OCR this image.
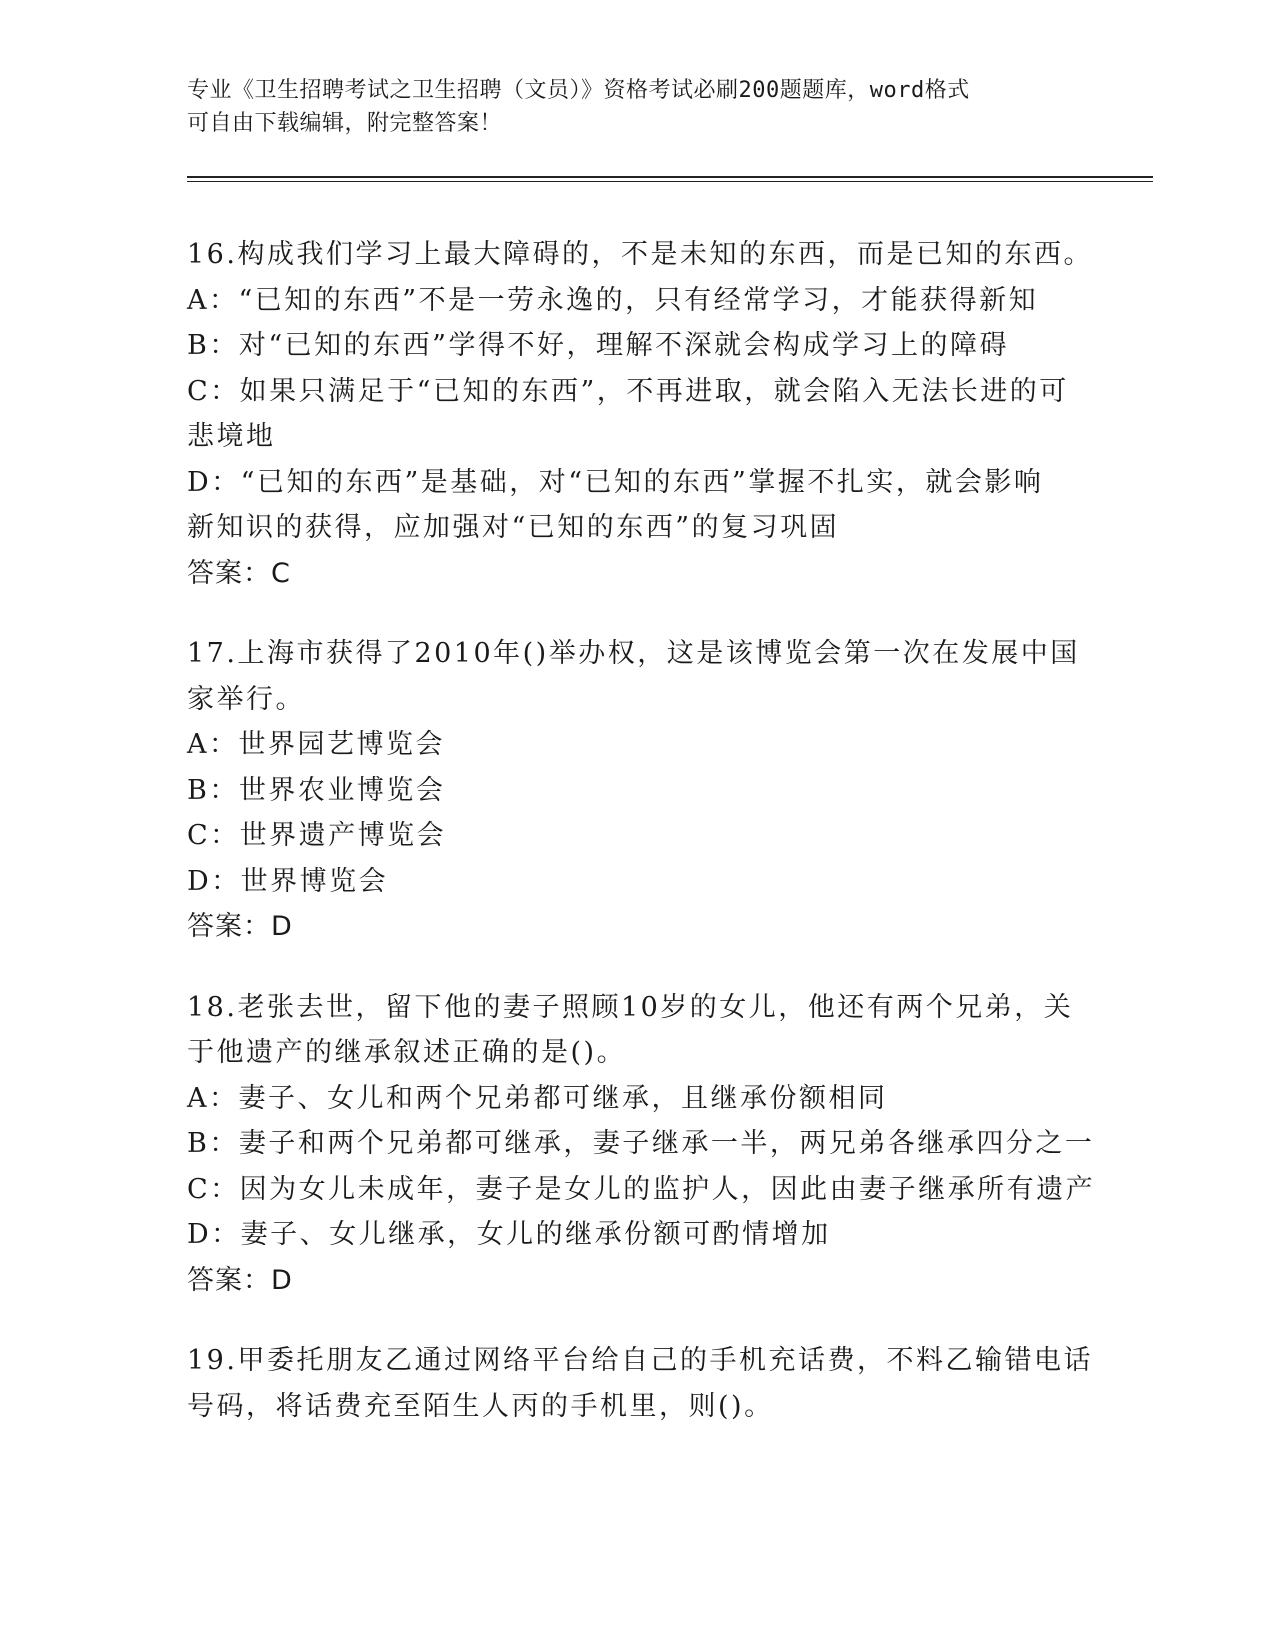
专业《卫生招聘考试之卫生招聘（文员）》资格考试必刷200题题库，word格式
可自由下载编辑，附完整答案！
16.构成我们学习上最大障碍的，不是未知的东西，而是已知的东西。
A：“已知的东西”不是一劳永逸的，只有经常学习，才能获得新知
B：对“已知的东西”学得不好，理解不深就会构成学习上的障碍
C：如果只满足于“已知的东西”，不再进取，就会陷入无法长进的可
悲境地
D：“已知的东西”是基础，对“已知的东西”掌握不扎实，就会影响
新知识的获得，应加强对“已知的东西”的复习巩固
答案：C
17.上海市获得了2010年()举办权，这是该博览会第一次在发展中国
家举行。
A：世界园艺博览会
B：世界农业博览会
C：世界遗产博览会
D：世界博览会
答案：D
18.老张去世，留下他的妻子照顾10岁的女儿，他还有两个兄弟，关
于他遗产的继承叙述正确的是()。
A：妻子、女儿和两个兄弟都可继承，且继承份额相同
B：妻子和两个兄弟都可继承，妻子继承一半，两兄弟各继承四分之一
C：因为女儿未成年，妻子是女儿的监护人，因此由妻子继承所有遗产
D：妻子、女儿继承，女儿的继承份额可酌情增加
答案：D
19.甲委托朋友乙通过网络平台给自己的手机充话费，不料乙输错电话
号码，将话费充至陌生人丙的手机里，则()。
